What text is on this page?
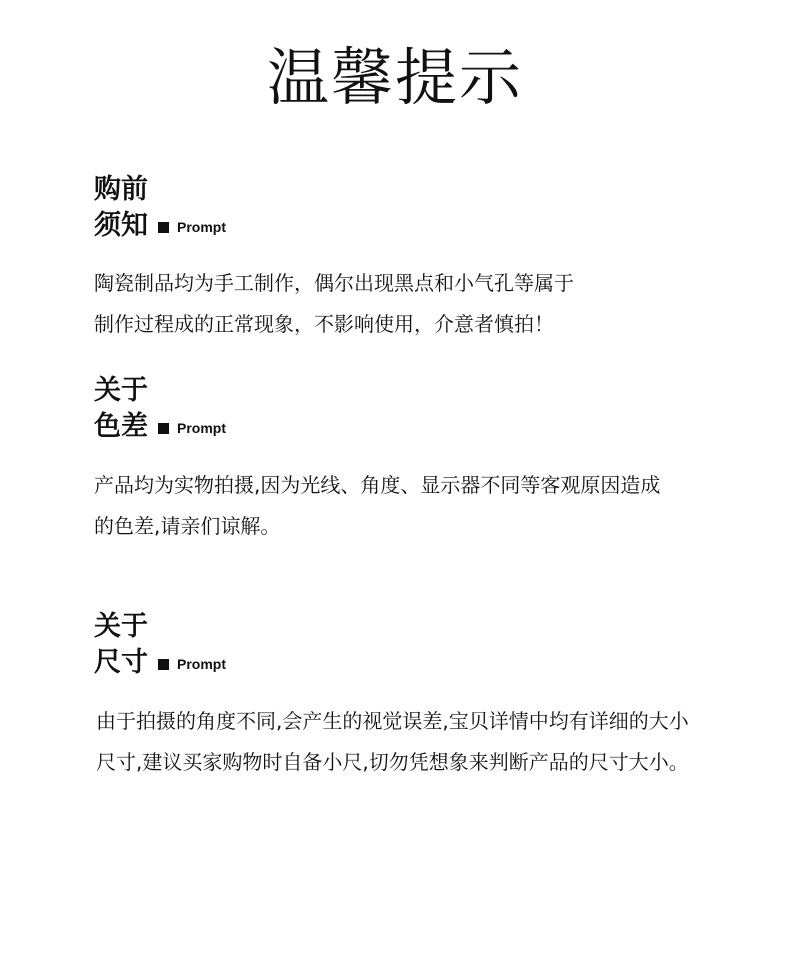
温馨提示
购前
须知 Prompt

陶瓷制品均为手工制作，偶尔出现黑点和小气孔等属于
制作过程成的正常现象，不影响使用，介意者慎拍！

关于
色差 Prompt

产品均为实物拍摄,因为光线、角度、显示器不同等客观原因造成
的色差,请亲们谅解。

关于
尺寸 Prompt

由于拍摄的角度不同,会产生的视觉误差,宝贝详情中均有详细的大小
尺寸,建议买家购物时自备小尺,切勿凭想象来判断产品的尺寸大小。
